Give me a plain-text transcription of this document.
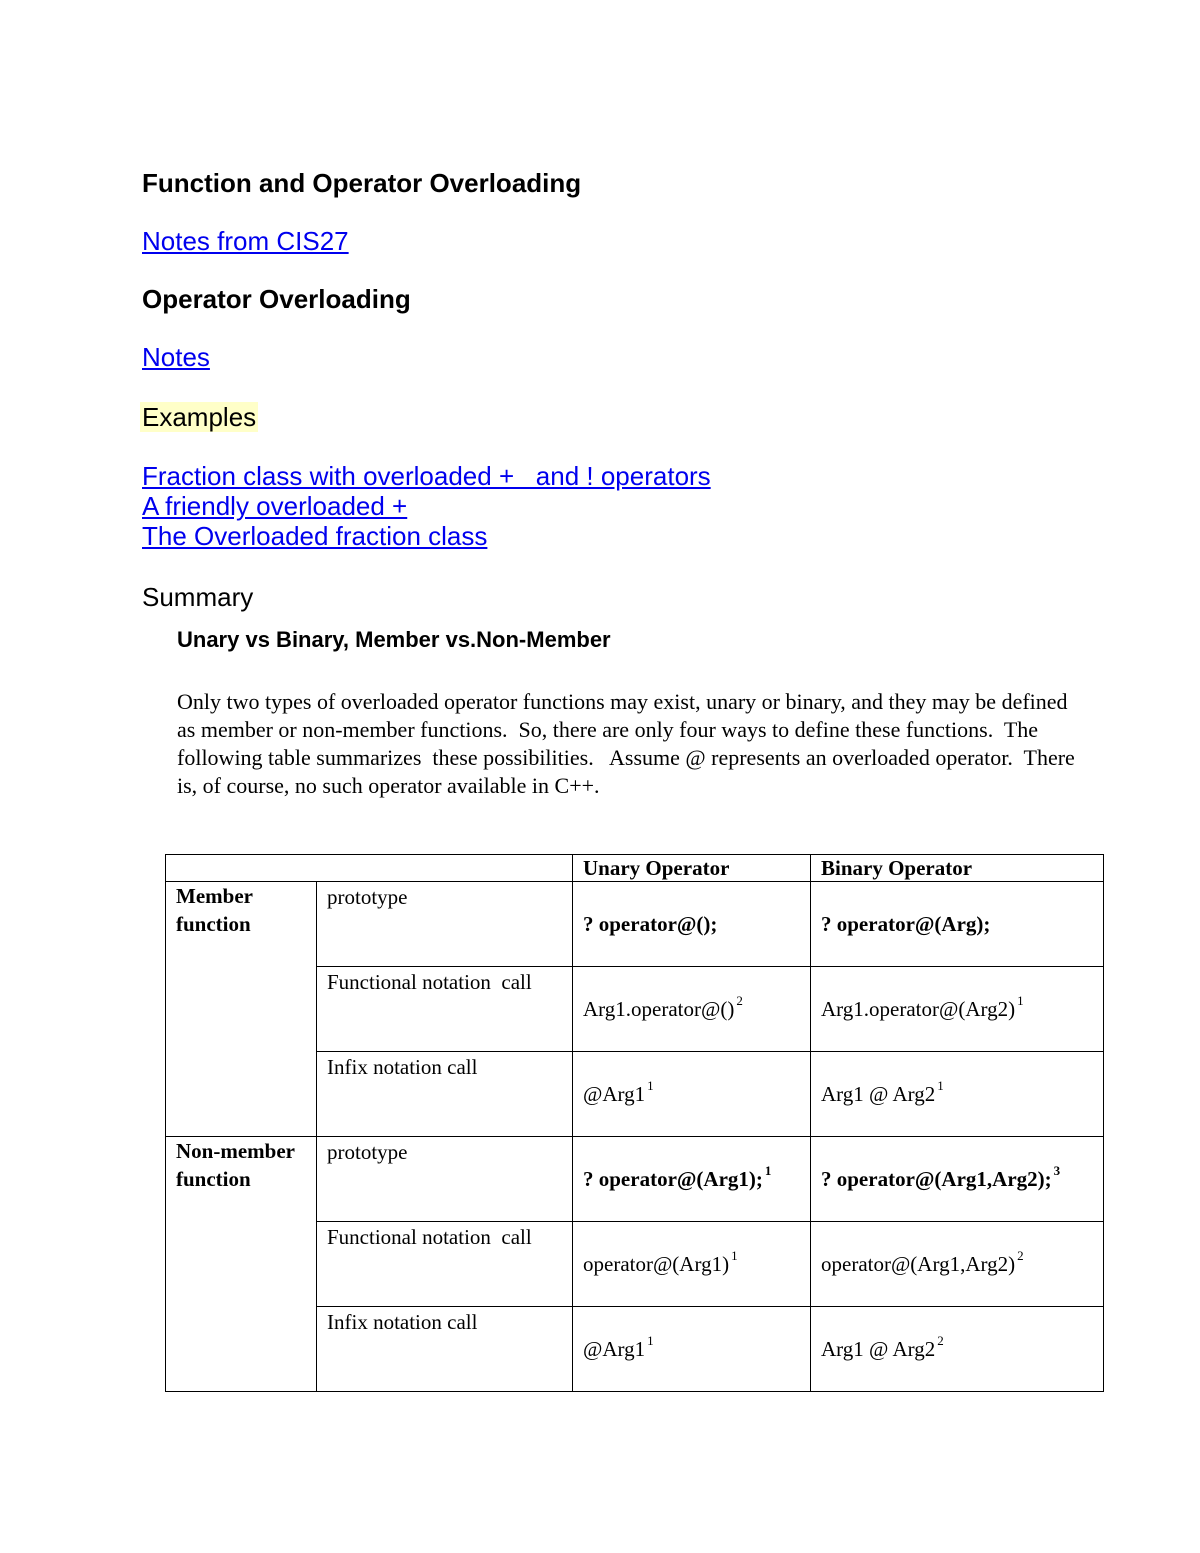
Function and Operator Overloading
Notes from CIS27
Operator Overloading
Notes
Examples
Fraction class with overloaded +   and ! operators
A friendly overloaded +
The Overloaded fraction class
Summary
Unary vs Binary, Member vs.Non-Member

Only two types of overloaded operator functions may exist, unary or binary, and they may be defined as member or non-member functions.  So, there are only four ways to define these functions.  The following table summarizes  these possibilities.   Assume @ represents an overloaded operator.  There is, of course, no such operator available in C++.

		Unary Operator	Binary Operator
Member function	prototype	? operator@();	? operator@(Arg);
	Functional notation  call	Arg1.operator@() $^2$	Arg1.operator@(Arg2) $^1$
	Infix notation call	@Arg1 $^1$	Arg1 @ Arg2 $^1$
Non-member function	prototype	? operator@(Arg1); $^1$	? operator@(Arg1,Arg2); $^3$
	Functional notation  call	operator@(Arg1) $^1$	operator@(Arg1,Arg2) $^2$
	Infix notation call	@Arg1 $^1$	Arg1 @ Arg2 $^2$
